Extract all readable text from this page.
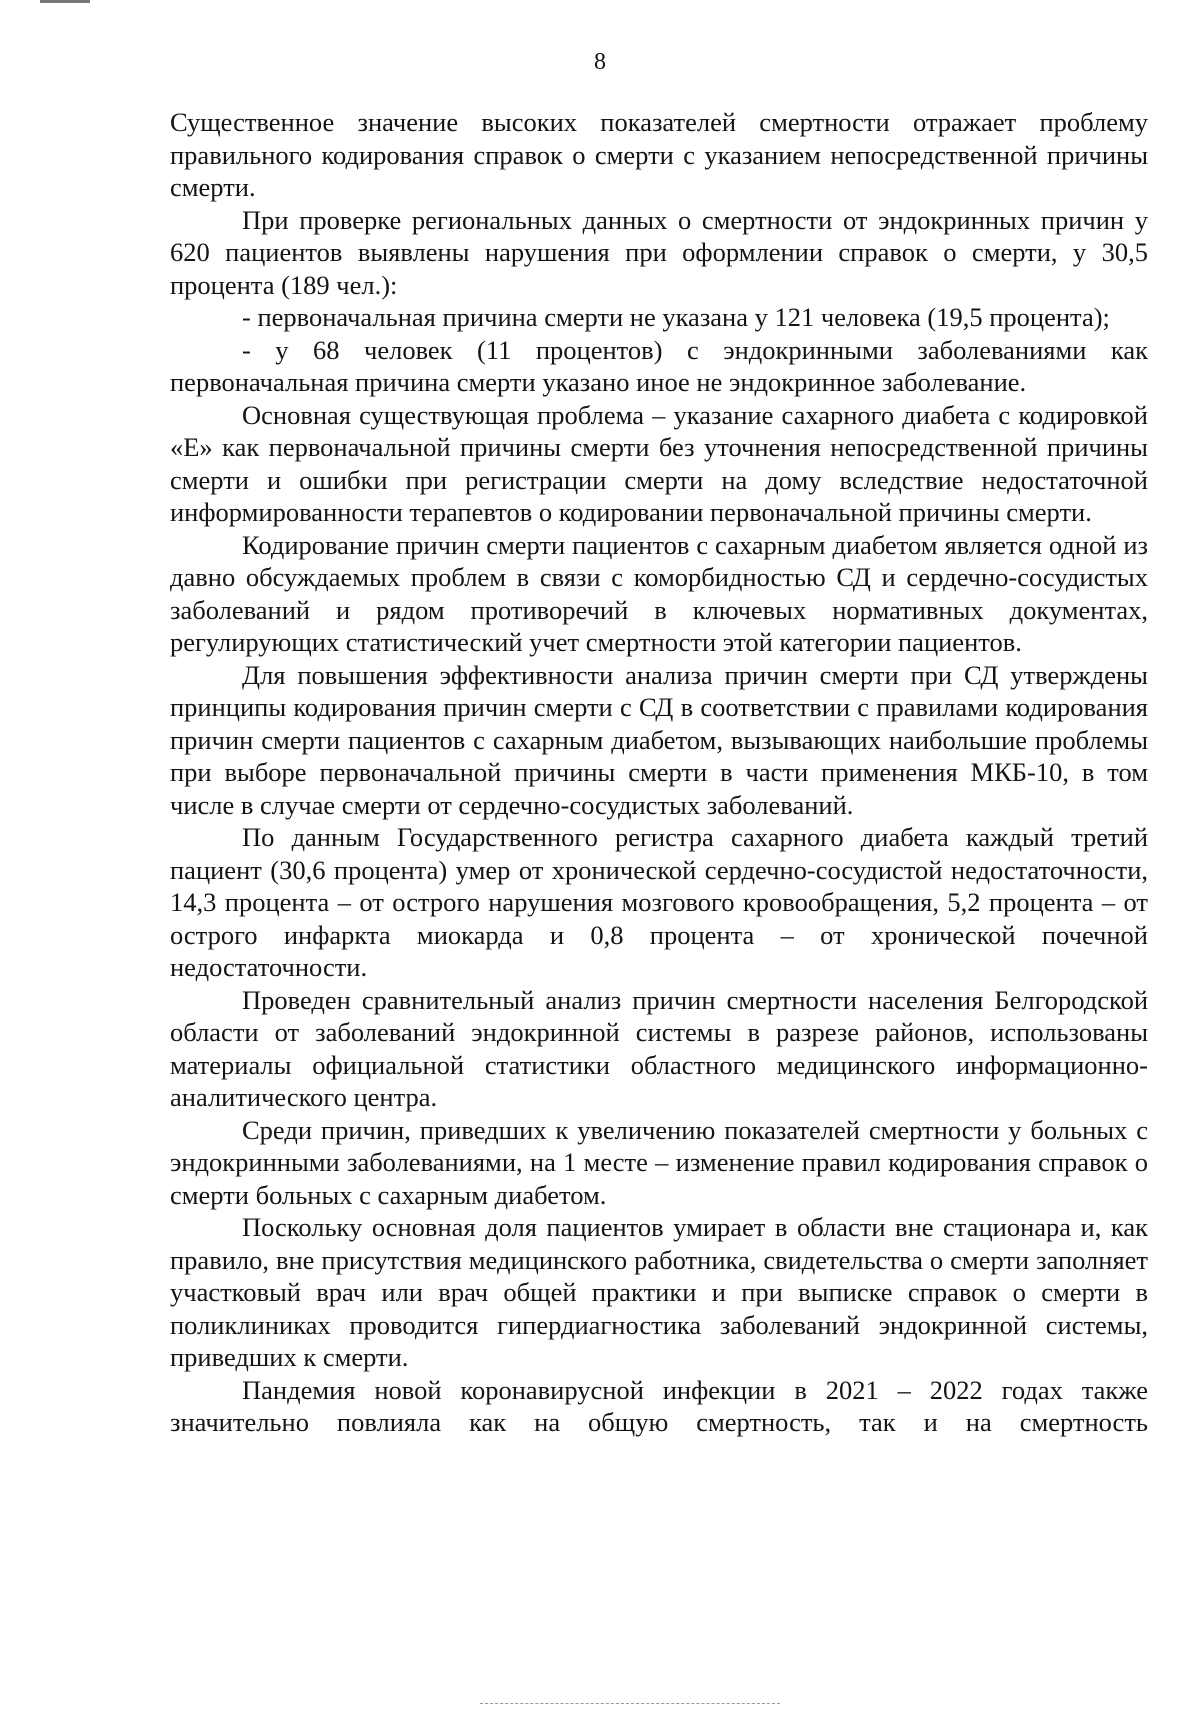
8

Существенное значение высоких показателей смертности отражает проблему правильного кодирования справок о смерти с указанием непосредственной причины смерти.

При проверке региональных данных о смертности от эндокринных причин у 620 пациентов выявлены нарушения при оформлении справок о смерти, у 30,5 процента (189 чел.):

- первоначальная причина смерти не указана у 121 человека (19,5 процента);

- у 68 человек (11 процентов) с эндокринными заболеваниями как первоначальная причина смерти указано иное не эндокринное заболевание.

Основная существующая проблема – указание сахарного диабета с кодировкой «Е» как первоначальной причины смерти без уточнения непосредственной причины смерти и ошибки при регистрации смерти на дому вследствие недостаточной информированности терапевтов о кодировании первоначальной причины смерти.

Кодирование причин смерти пациентов с сахарным диабетом является одной из давно обсуждаемых проблем в связи с коморбидностью СД и сердечно-сосудистых заболеваний и рядом противоречий в ключевых нормативных документах, регулирующих статистический учет смертности этой категории пациентов.

Для повышения эффективности анализа причин смерти при СД утверждены принципы кодирования причин смерти с СД в соответствии с правилами кодирования причин смерти пациентов с сахарным диабетом, вызывающих наибольшие проблемы при выборе первоначальной причины смерти в части применения МКБ-10, в том числе в случае смерти от сердечно-сосудистых заболеваний.

По данным Государственного регистра сахарного диабета каждый третий пациент (30,6 процента) умер от хронической сердечно-сосудистой недостаточности, 14,3 процента – от острого нарушения мозгового кровообращения, 5,2 процента – от острого инфаркта миокарда и 0,8 процента – от хронической почечной недостаточности.

Проведен сравнительный анализ причин смертности населения Белгородской области от заболеваний эндокринной системы в разрезе районов, использованы материалы официальной статистики областного медицинского информационно-аналитического центра.

Среди причин, приведших к увеличению показателей смертности у больных с эндокринными заболеваниями, на 1 месте – изменение правил кодирования справок о смерти больных с сахарным диабетом.

Поскольку основная доля пациентов умирает в области вне стационара и, как правило, вне присутствия медицинского работника, свидетельства о смерти заполняет участковый врач или врач общей практики и при выписке справок о смерти в поликлиниках проводится гипердиагностика заболеваний эндокринной системы, приведших к смерти.

Пандемия новой коронавирусной инфекции в 2021 – 2022 годах также значительно повлияла как на общую смертность, так и на смертность
